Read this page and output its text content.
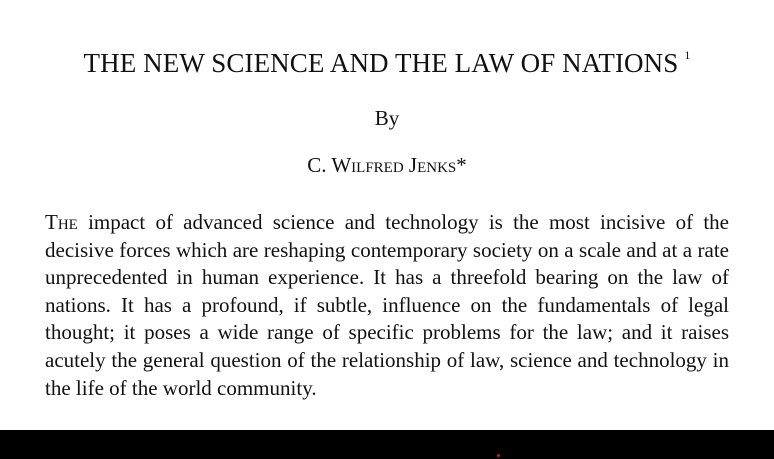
THE NEW SCIENCE AND THE LAW OF NATIONS $^1$
By
C. Wilfred Jenks*

The impact of advanced science and technology is the most incisive of the decisive forces which are reshaping contemporary society on a scale and at a rate unprecedented in human experience. It has a threefold bearing on the law of nations. It has a profound, if subtle, influence on the fundamentals of legal thought; it poses a wide range of specific problems for the law; and it raises acutely the general question of the relationship of law, science and technology in the life of the world community.
